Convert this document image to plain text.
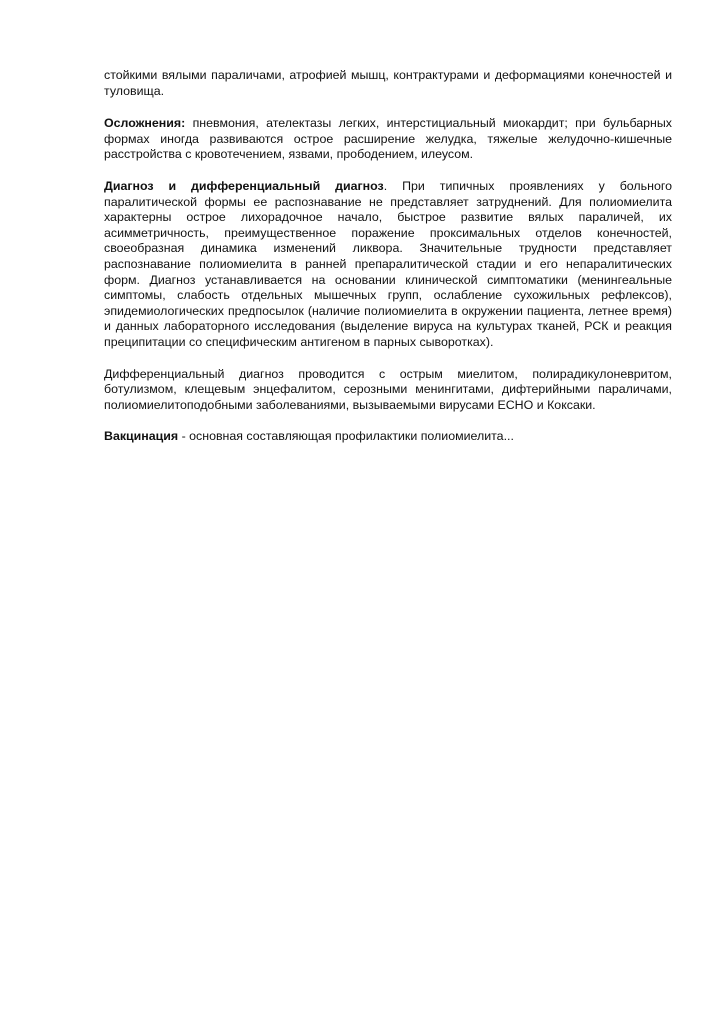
стойкими вялыми параличами, атрофией мышц, контрактурами и деформациями конечностей и туловища.

Осложнения: пневмония, ателектазы легких, интерстициальный миокардит; при бульбарных формах иногда развиваются острое расширение желудка, тяжелые желудочно-кишечные расстройства с кровотечением, язвами, прободением, илеусом.

Диагноз и дифференциальный диагноз. При типичных проявлениях у больного паралитической формы ее распознавание не представляет затруднений. Для полиомиелита характерны острое лихорадочное начало, быстрое развитие вялых параличей, их асимметричность, преимущественное поражение проксимальных отделов конечностей, своеобразная динамика изменений ликвора. Значительные трудности представляет распознавание полиомиелита в ранней препаралитической стадии и его непаралитических форм. Диагноз устанавливается на основании клинической симптоматики (менингеальные симптомы, слабость отдельных мышечных групп, ослабление сухожильных рефлексов), эпидемиологических предпосылок (наличие полиомиелита в окружении пациента, летнее время) и данных лабораторного исследования (выделение вируса на культурах тканей, РСК и реакция преципитации со специфическим антигеном в парных сыворотках).

Дифференциальный диагноз проводится с острым миелитом, полирадикулоневритом, ботулизмом, клещевым энцефалитом, серозными менингитами, дифтерийными параличами, полиомиелитоподобными заболеваниями, вызываемыми вирусами ЕСНО и Коксаки.

Вакцинация - основная составляющая профилактики полиомиелита...
